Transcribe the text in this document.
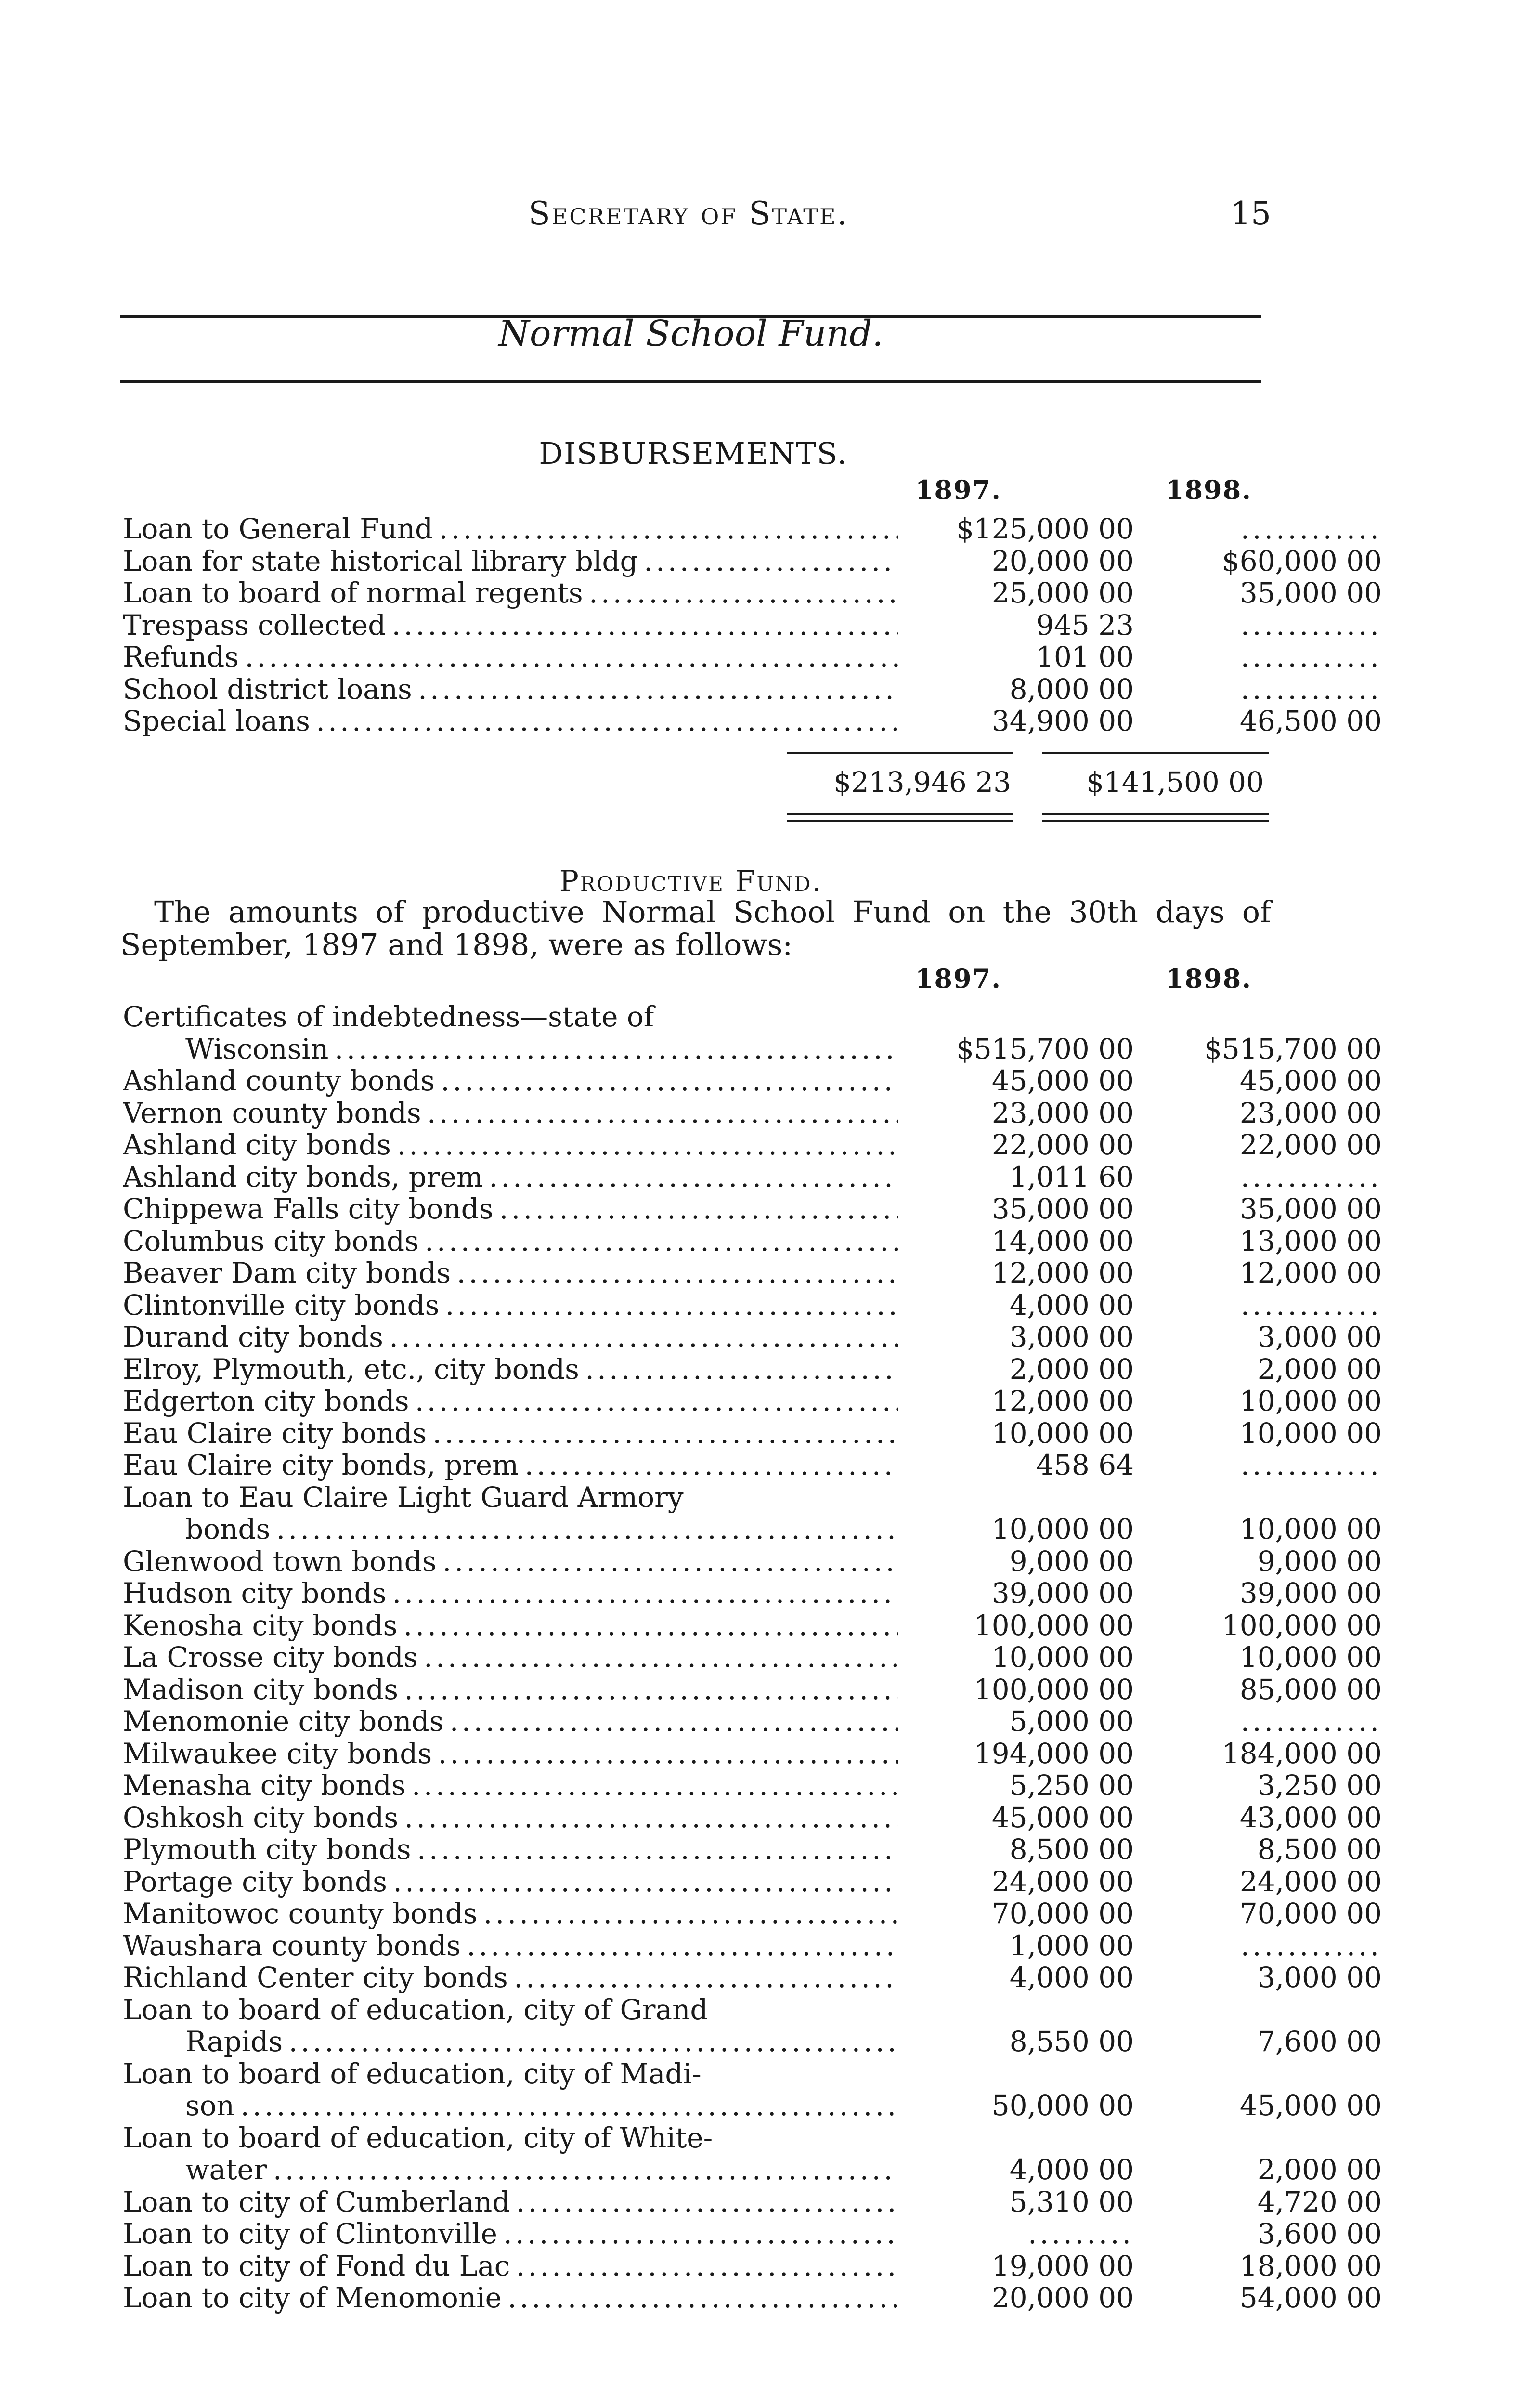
Secretary of State.	15
Normal School Fund.
DISBURSEMENTS.
1897.	1898.
Loan to General Fund . . .	$125,000 00	............
Loan for state historical library bldg . . .	20,000 00	$60,000 00
Loan to board of normal regents . . .	25,000 00	35,000 00
Trespass collected . . .	945 23	............
Refunds . . .	101 00	............
School district loans . . .	8,000 00	............
Special loans . . .	34,900 00	46,500 00
$213,946 23	$141,500 00
Productive Fund.
The amounts of productive Normal School Fund on the 30th days of September, 1897 and 1898, were as follows:
1897.	1898.
Certificates of indebtedness—state of
Wisconsin . . .	$515,700 00	$515,700 00
Ashland county bonds . . .	45,000 00	45,000 00
Vernon county bonds . . .	23,000 00	23,000 00
Ashland city bonds . . .	22,000 00	22,000 00
Ashland city bonds, prem . . .	1,011 60	............
Chippewa Falls city bonds . . .	35,000 00	35,000 00
Columbus city bonds . . .	14,000 00	13,000 00
Beaver Dam city bonds . . .	12,000 00	12,000 00
Clintonville city bonds . . .	4,000 00	............
Durand city bonds . . .	3,000 00	3,000 00
Elroy, Plymouth, etc., city bonds . . .	2,000 00	2,000 00
Edgerton city bonds . . .	12,000 00	10,000 00
Eau Claire city bonds . . .	10,000 00	10,000 00
Eau Claire city bonds, prem . . .	458 64	............
Loan to Eau Claire Light Guard Armory
bonds . . .	10,000 00	10,000 00
Glenwood town bonds . . .	9,000 00	9,000 00
Hudson city bonds . . .	39,000 00	39,000 00
Kenosha city bonds . . .	100,000 00	100,000 00
La Crosse city bonds . . .	10,000 00	10,000 00
Madison city bonds . . .	100,000 00	85,000 00
Menomonie city bonds . . .	5,000 00	............
Milwaukee city bonds . . .	194,000 00	184,000 00
Menasha city bonds . . .	5,250 00	3,250 00
Oshkosh city bonds . . .	45,000 00	43,000 00
Plymouth city bonds . . .	8,500 00	8,500 00
Portage city bonds . . .	24,000 00	24,000 00
Manitowoc county bonds . . .	70,000 00	70,000 00
Waushara county bonds . . .	1,000 00	............
Richland Center city bonds . . .	4,000 00	3,000 00
Loan to board of education, city of Grand
Rapids . . .	8,550 00	7,600 00
Loan to board of education, city of Madi-
son . . .	50,000 00	45,000 00
Loan to board of education, city of White-
water . . .	4,000 00	2,000 00
Loan to city of Cumberland . . .	5,310 00	4,720 00
Loan to city of Clintonville . . .	.........	3,600 00
Loan to city of Fond du Lac . . .	19,000 00	18,000 00
Loan to city of Menomonie . . .	20,000 00	54,000 00
